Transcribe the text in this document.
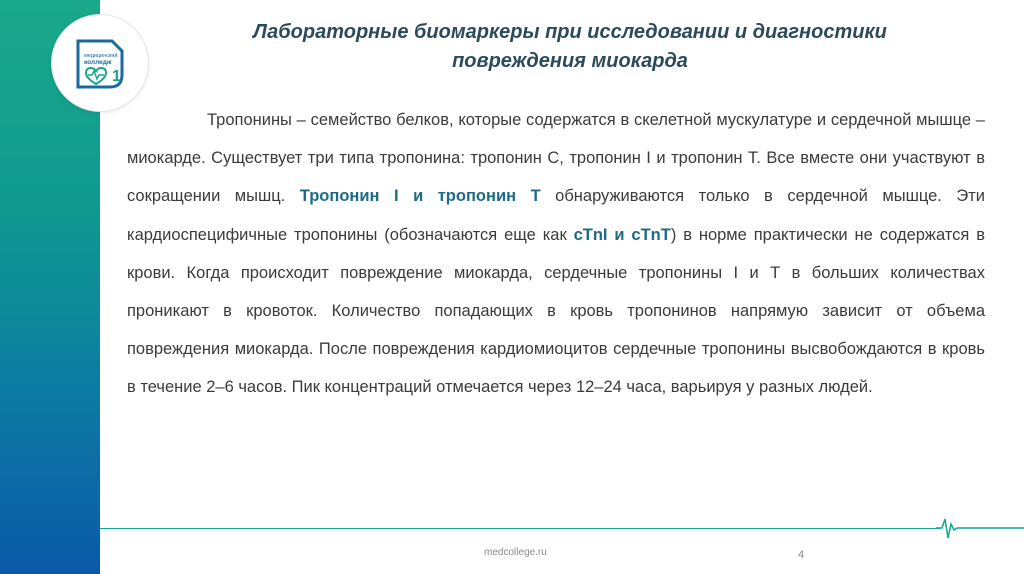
медицинский
колледж
1
Лабораторные биомаркеры при исследовании и диагностики
повреждения миокарда

Тропонины – семейство белков, которые содержатся в скелетной мускулатуре и сердечной мышце – миокарде. Существует три типа тропонина: тропонин С, тропонин I и тропонин Т. Все вместе они участвуют в сокращении мышц. Тропонин I и тропонин Т обнаруживаются только в сердечной мышце. Эти кардиоспецифичные тропонины (обозначаются еще как cTnI и cTnT) в норме практически не содержатся в крови. Когда происходит повреждение миокарда, сердечные тропонины I и Т в больших количествах проникают в кровоток. Количество попадающих в кровь тропонинов напрямую зависит от объема повреждения миокарда. После повреждения кардиомиоцитов сердечные тропонины высвобождаются в кровь в течение 2–6 часов. Пик концентраций отмечается через 12–24 часа, варьируя у разных людей.

medcollege.ru	4
